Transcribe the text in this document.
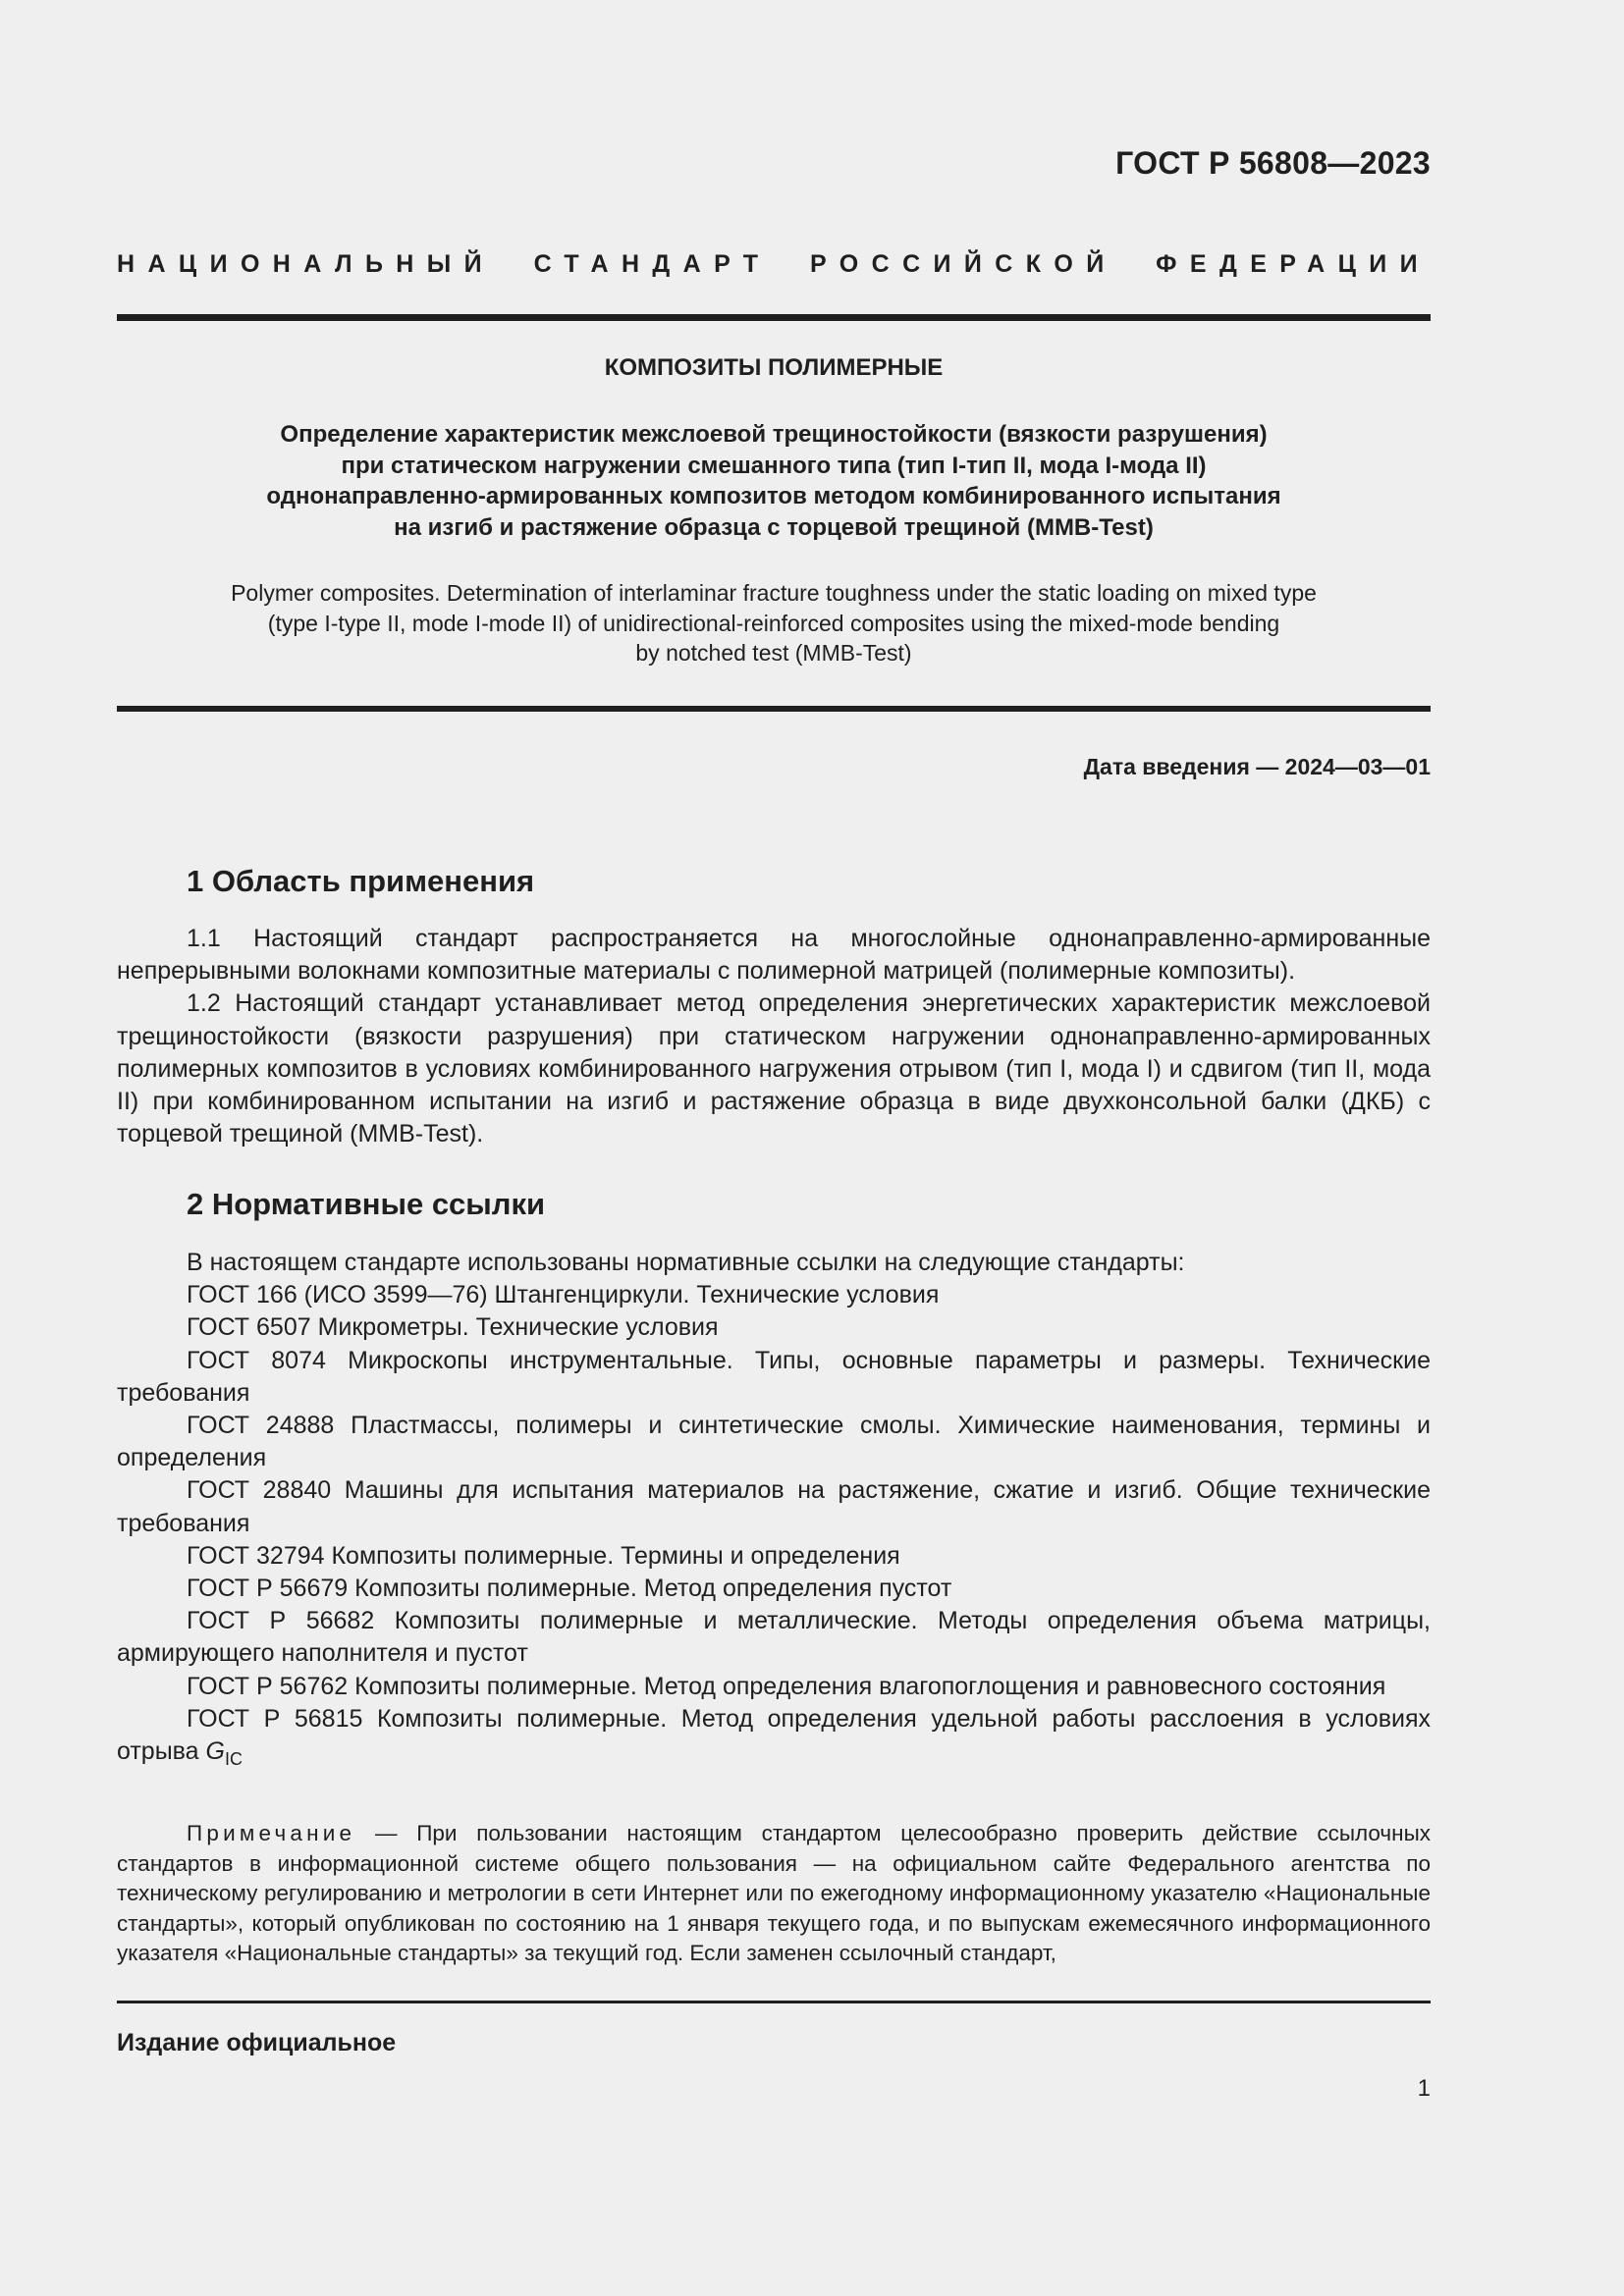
ГОСТ Р 56808—2023
НАЦИОНАЛЬНЫЙ СТАНДАРТ РОССИЙСКОЙ ФЕДЕРАЦИИ
КОМПОЗИТЫ ПОЛИМЕРНЫЕ
Определение характеристик межслоевой трещиностойкости (вязкости разрушения)
при статическом нагружении смешанного типа (тип I-тип II, мода I-мода II)
однонаправленно-армированных композитов методом комбинированного испытания
на изгиб и растяжение образца с торцевой трещиной (MMB-Test)
Polymer composites. Determination of interlaminar fracture toughness under the static loading on mixed type
(type I-type II, mode I-mode II) of unidirectional-reinforced composites using the mixed-mode bending
by notched test (MMB-Test)
Дата введения — 2024—03—01
1 Область применения

1.1 Настоящий стандарт распространяется на многослойные однонаправленно-армированные непрерывными волокнами композитные материалы с полимерной матрицей (полимерные композиты).

1.2 Настоящий стандарт устанавливает метод определения энергетических характеристик межслоевой трещиностойкости (вязкости разрушения) при статическом нагружении однонаправленно-армированных полимерных композитов в условиях комбинированного нагружения отрывом (тип I, мода I) и сдвигом (тип II, мода II) при комбинированном испытании на изгиб и растяжение образца в виде двухконсольной балки (ДКБ) с торцевой трещиной (MMB-Test).

2 Нормативные ссылки

В настоящем стандарте использованы нормативные ссылки на следующие стандарты:

ГОСТ 166 (ИСО 3599—76) Штангенциркули. Технические условия

ГОСТ 6507 Микрометры. Технические условия

ГОСТ 8074 Микроскопы инструментальные. Типы, основные параметры и размеры. Технические требования

ГОСТ 24888 Пластмассы, полимеры и синтетические смолы. Химические наименования, термины и определения

ГОСТ 28840 Машины для испытания материалов на растяжение, сжатие и изгиб. Общие технические требования

ГОСТ 32794 Композиты полимерные. Термины и определения

ГОСТ Р 56679 Композиты полимерные. Метод определения пустот

ГОСТ Р 56682 Композиты полимерные и металлические. Методы определения объема матрицы, армирующего наполнителя и пустот

ГОСТ Р 56762 Композиты полимерные. Метод определения влагопоглощения и равновесного состояния

ГОСТ Р 56815 Композиты полимерные. Метод определения удельной работы расслоения в условиях отрыва $G_{IC}$

Примечание — При пользовании настоящим стандартом целесообразно проверить действие ссылочных стандартов в информационной системе общего пользования — на официальном сайте Федерального агентства по техническому регулированию и метрологии в сети Интернет или по ежегодному информационному указателю «Национальные стандарты», который опубликован по состоянию на 1 января текущего года, и по выпускам ежемесячного информационного указателя «Национальные стандарты» за текущий год. Если заменен ссылочный стандарт,
Издание официальное
1
